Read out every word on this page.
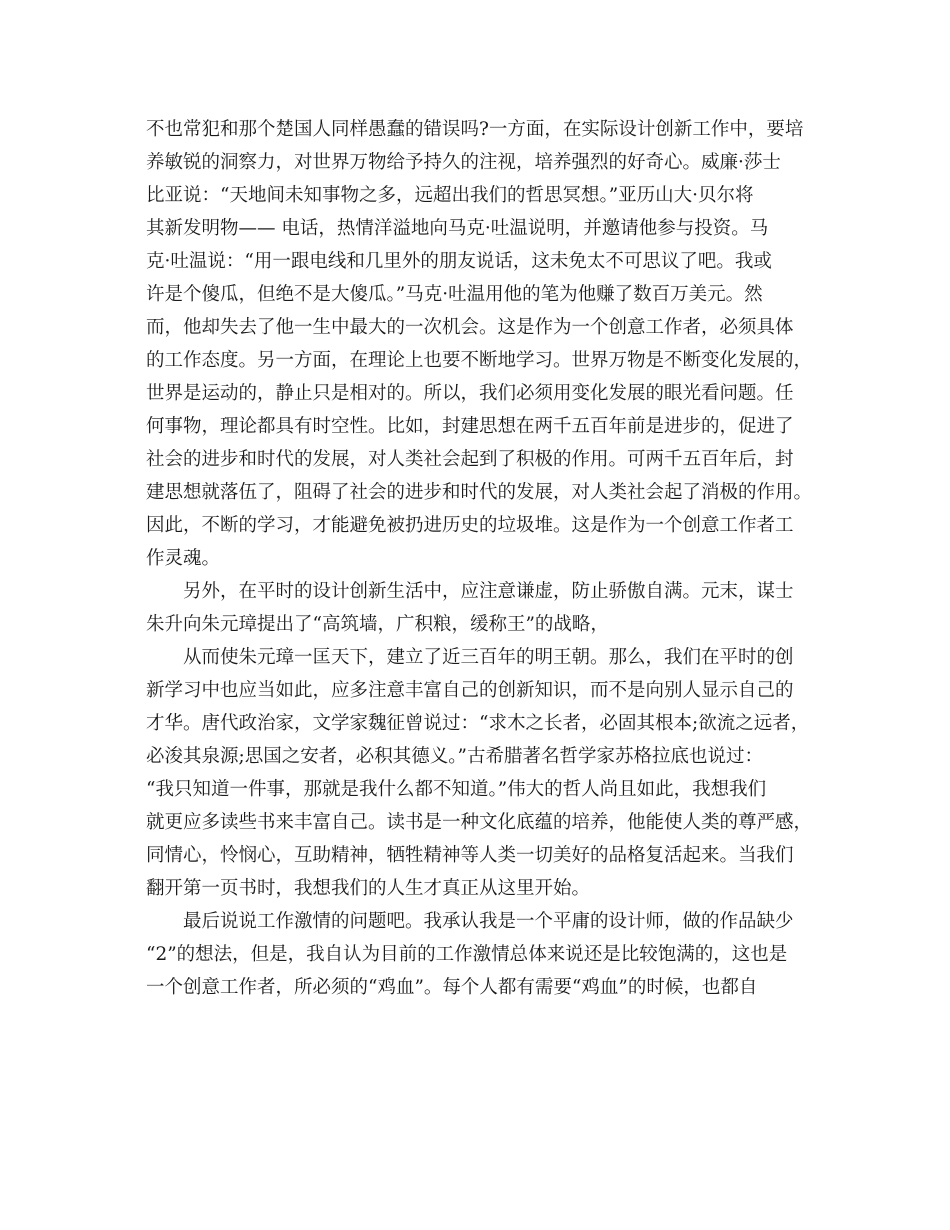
不也常犯和那个楚国人同样愚蠢的错误吗?一方面，在实际设计创新工作中，要培
养敏锐的洞察力，对世界万物给予持久的注视，培养强烈的好奇心。威廉·莎士
比亚说：“天地间未知事物之多，远超出我们的哲思冥想。”亚历山大·贝尔将
其新发明物—— 电话，热情洋溢地向马克·吐温说明，并邀请他参与投资。马
克·吐温说：“用一跟电线和几里外的朋友说话，这未免太不可思议了吧。我或
许是个傻瓜，但绝不是大傻瓜。”马克·吐温用他的笔为他赚了数百万美元。然
而，他却失去了他一生中最大的一次机会。这是作为一个创意工作者，必须具体
的工作态度。另一方面，在理论上也要不断地学习。世界万物是不断变化发展的，
世界是运动的，静止只是相对的。所以，我们必须用变化发展的眼光看问题。任
何事物，理论都具有时空性。比如，封建思想在两千五百年前是进步的，促进了
社会的进步和时代的发展，对人类社会起到了积极的作用。可两千五百年后，封
建思想就落伍了，阻碍了社会的进步和时代的发展，对人类社会起了消极的作用。
因此，不断的学习，才能避免被扔进历史的垃圾堆。这是作为一个创意工作者工
作灵魂。
另外，在平时的设计创新生活中，应注意谦虚，防止骄傲自满。元末，谋士
朱升向朱元璋提出了“高筑墙，广积粮，缓称王”的战略，
从而使朱元璋一匡天下，建立了近三百年的明王朝。那么，我们在平时的创
新学习中也应当如此，应多注意丰富自己的创新知识，而不是向别人显示自己的
才华。唐代政治家，文学家魏征曾说过：“求木之长者，必固其根本;欲流之远者，
必浚其泉源;思国之安者，必积其德义。”古希腊著名哲学家苏格拉底也说过：
“我只知道一件事，那就是我什么都不知道。”伟大的哲人尚且如此，我想我们
就更应多读些书来丰富自己。读书是一种文化底蕴的培养，他能使人类的尊严感，
同情心，怜悯心，互助精神，牺牲精神等人类一切美好的品格复活起来。当我们
翻开第一页书时，我想我们的人生才真正从这里开始。
最后说说工作激情的问题吧。我承认我是一个平庸的设计师，做的作品缺少
“2”的想法，但是，我自认为目前的工作激情总体来说还是比较饱满的，这也是
一个创意工作者，所必须的“鸡血”。每个人都有需要“鸡血”的时候，也都自
